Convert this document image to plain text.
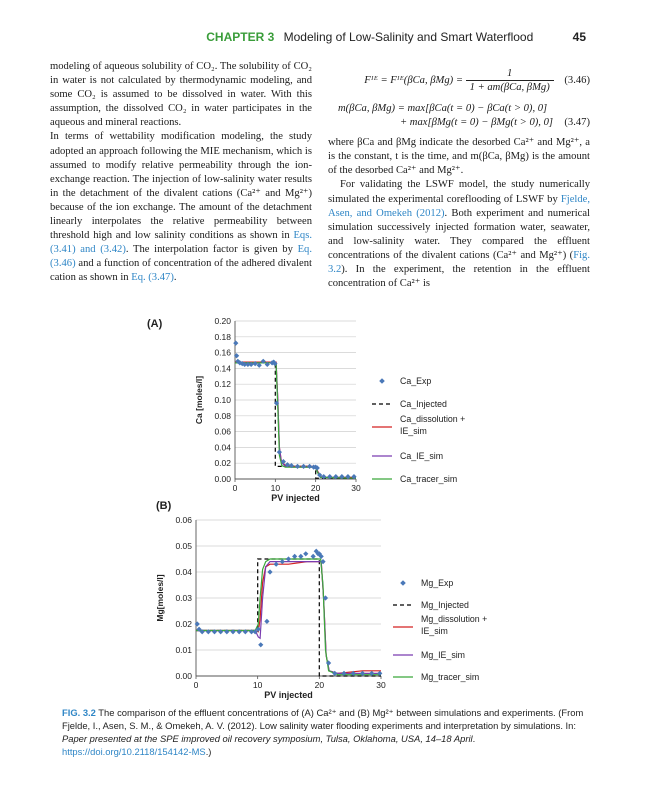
CHAPTER 3 Modeling of Low-Salinity and Smart Waterflood	45

modeling of aqueous solubility of CO₂. The solubility of CO₂ in water is not calculated by thermodynamic modeling, and some CO₂ is assumed to be dissolved in water. With this assumption, the dissolved CO₂ in water participates in the aqueous and mineral reactions.

In terms of wettability modification modeling, the study adopted an approach following the MIE mechanism, which is assumed to modify relative permeability through the ion-exchange reaction. The injection of low-salinity water results in the detachment of the divalent cations (Ca²⁺ and Mg²⁺) because of the ion exchange. The amount of the detachment linearly interpolates the relative permeability between threshold high and low salinity conditions as shown in Eqs. (3.41) and (3.42). The interpolation factor is given by Eq. (3.46) and a function of concentration of the adhered divalent cation as shown in Eq. (3.47).

Fᴵᴱ = Fᴵᴱ(βCa, $\beta Mg) = \frac{1}{\text{1 + am(βCa, βMg)}} (3.46)$
m(βCa, βMg) = max[βCa(t = 0) − βCa(t > 0), 0]
+ max[βMg(t = 0) − βMg(t > 0), 0]	(3.47)

where βCa and βMg indicate the desorbed Ca²⁺ and Mg²⁺, a is the constant, t is the time, and m(βCa, βMg) is the amount of the desorbed Ca²⁺ and Mg²⁺.

For validating the LSWF model, the study numerically simulated the experimental coreflooding of LSWF by Fjelde, Asen, and Omekeh (2012). Both experiment and numerical simulation successively injected formation water, seawater, and low-salinity water. They compared the effluent concentrations of the divalent cations (Ca²⁺ and Mg²⁺) (Fig. 3.2). In the experiment, the retention in the effluent concentration of Ca²⁺ is

0.00
0.02
0.04
0.06
0.08
0.10
0.12
0.14
0.16
0.18
0.20
0	10	20	30
PV injected
Ca [moles/l]
(A)
Ca_Exp
Ca_Injected
Ca_dissolution +
IE_sim
Ca_IE_sim
Ca_tracer_sim
0.00
0.01
0.02
0.03
0.04
0.05
0.06
0	10	20	30
PV injected
Mg[moles/l]
(B)
Mg_Exp
Mg_Injected
Mg_dissolution +
IE_sim
Mg_IE_sim
Mg_tracer_sim
FIG. 3.2 The comparison of the effluent concentrations of (A) Ca²⁺ and (B) Mg²⁺ between simulations and experiments. (From Fjelde, I., Asen, S. M., & Omekeh, A. V. (2012). Low salinity water flooding experiments and interpretation by simulations. In: Paper presented at the SPE improved oil recovery symposium, Tulsa, Oklahoma, USA, 14–18 April. https://doi.org/10.2118/154142-MS.)
